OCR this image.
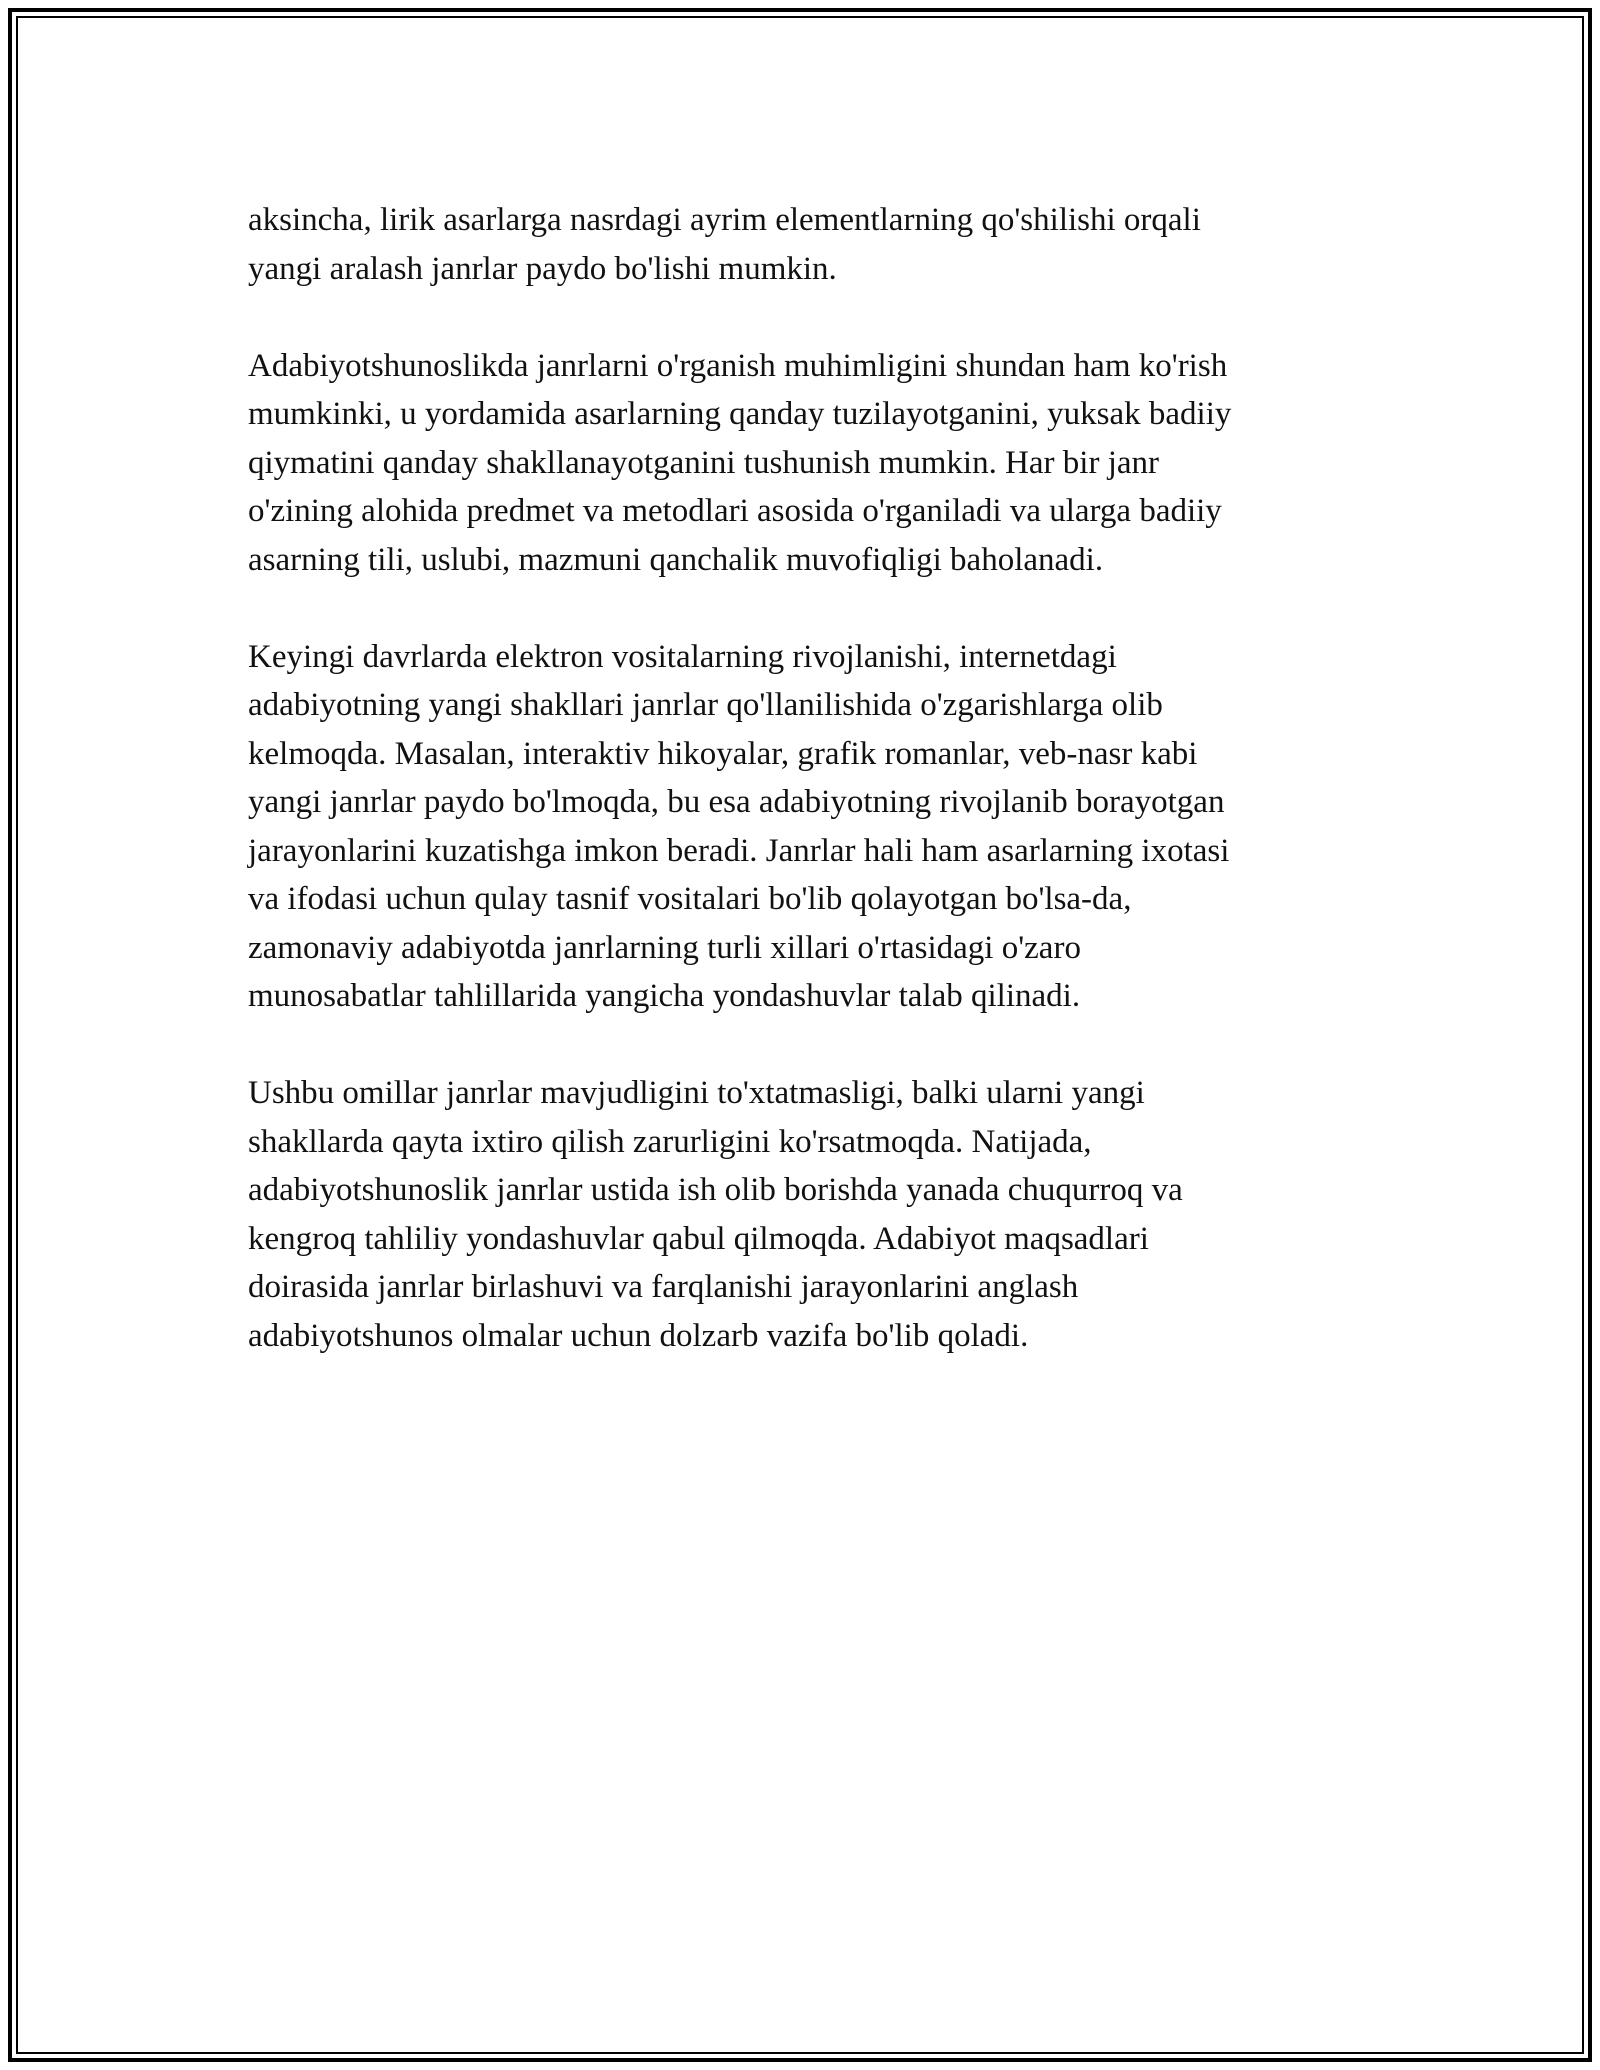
aksincha, lirik asarlarga nasrdagi ayrim elementlarning qo'shilishi orqali
yangi aralash janrlar paydo bo'lishi mumkin.

Adabiyotshunoslikda janrlarni o'rganish muhimligini shundan ham ko'rish
mumkinki, u yordamida asarlarning qanday tuzilayotganini, yuksak badiiy
qiymatini qanday shakllanayotganini tushunish mumkin. Har bir janr
o'zining alohida predmet va metodlari asosida o'rganiladi va ularga badiiy
asarning tili, uslubi, mazmuni qanchalik muvofiqligi baholanadi.

Keyingi davrlarda elektron vositalarning rivojlanishi, internetdagi
adabiyotning yangi shakllari janrlar qo'llanilishida o'zgarishlarga olib
kelmoqda. Masalan, interaktiv hikoyalar, grafik romanlar, veb-nasr kabi
yangi janrlar paydo bo'lmoqda, bu esa adabiyotning rivojlanib borayotgan
jarayonlarini kuzatishga imkon beradi. Janrlar hali ham asarlarning ixotasi
va ifodasi uchun qulay tasnif vositalari bo'lib qolayotgan bo'lsa-da,
zamonaviy adabiyotda janrlarning turli xillari o'rtasidagi o'zaro
munosabatlar tahlillarida yangicha yondashuvlar talab qilinadi.

Ushbu omillar janrlar mavjudligini to'xtatmasligi, balki ularni yangi
shakllarda qayta ixtiro qilish zarurligini ko'rsatmoqda. Natijada,
adabiyotshunoslik janrlar ustida ish olib borishda yanada chuqurroq va
kengroq tahliliy yondashuvlar qabul qilmoqda. Adabiyot maqsadlari
doirasida janrlar birlashuvi va farqlanishi jarayonlarini anglash
adabiyotshunos olmalar uchun dolzarb vazifa bo'lib qoladi.
